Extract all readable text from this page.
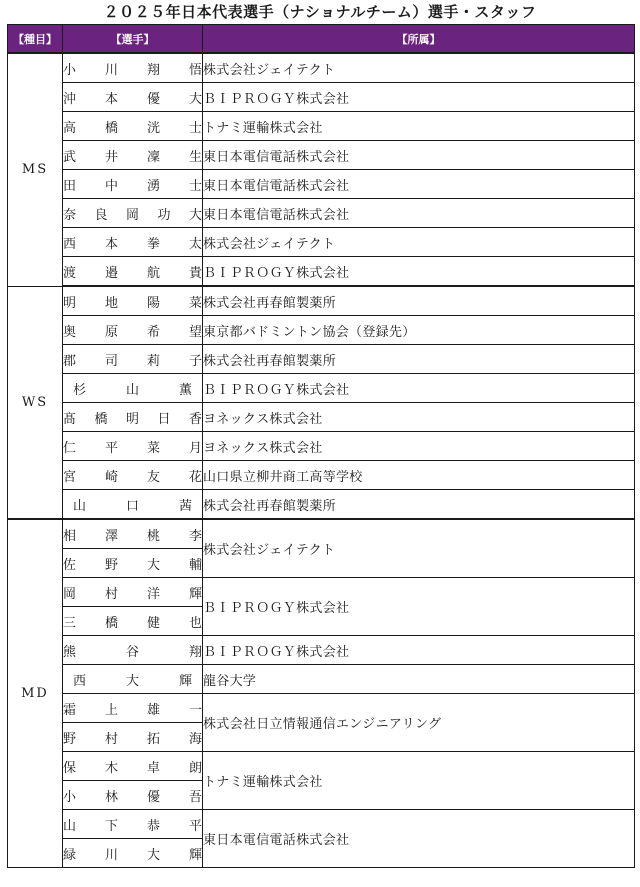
２０２５年日本代表選手（ナショナルチーム）選手・スタッフ
【種目】	【選手】	【所属】
MS	小 川 翔 悟	株式会社ジェイテクト

	沖 本 優 大	ＢＩＰＲＯＧＹ株式会社

	高 橋 洸 士	トナミ運輸株式会社

	武 井 凜 生	東日本電信電話株式会社

	田 中 湧 士	東日本電信電話株式会社

	奈 良 岡 功 大	東日本電信電話株式会社

	西 本 拳 太	株式会社ジェイテクト

	渡 邉 航 貴	ＢＩＰＲＯＧＹ株式会社
WS	明 地 陽 菜	株式会社再春館製薬所

	奥 原 希 望	東京都バドミントン協会（登録先）

	郡 司 莉 子	株式会社再春館製薬所

	杉 山 薫	ＢＩＰＲＯＧＹ株式会社

	髙 橋 明 日 香	ヨネックス株式会社

	仁 平 菜 月	ヨネックス株式会社

	宮 崎 友 花	山口県立柳井商工高等学校

	山 口 茜	株式会社再春館製薬所
MD	相 澤 桃 李	株式会社ジェイテクト

	佐 野 大 輔	

	岡 村 洋 輝	ＢＩＰＲＯＧＹ株式会社

	三 橋 健 也	

	熊 谷 翔	ＢＩＰＲＯＧＹ株式会社

	西 大 輝	龍谷大学

	霜 上 雄 一	株式会社日立情報通信エンジニアリング

	野 村 拓 海	

	保 木 卓 朗	トナミ運輸株式会社

	小 林 優 吾	

	山 下 恭 平	東日本電信電話株式会社

	緑 川 大 輝	
